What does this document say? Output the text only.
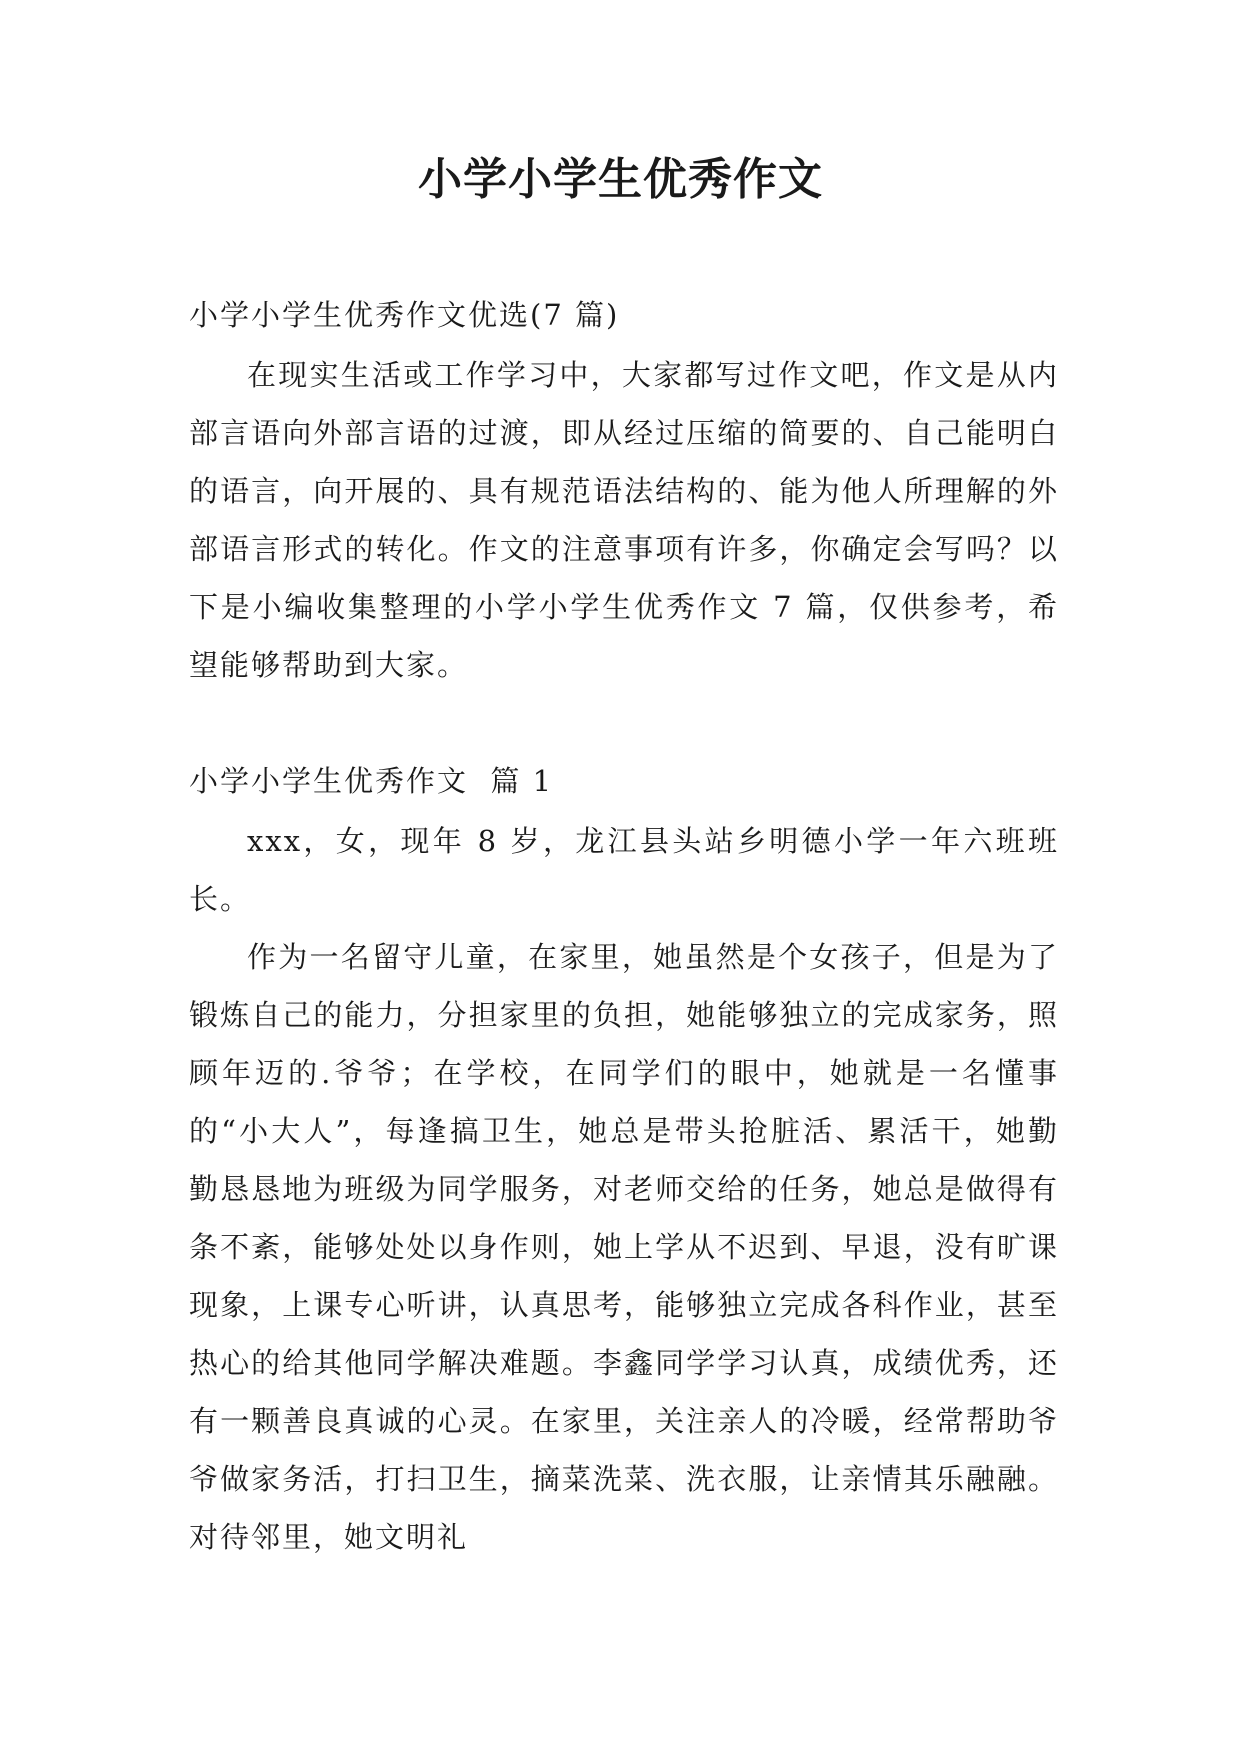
小学小学生优秀作文

小学小学生优秀作文优选(7 篇)

在现实生活或工作学习中，大家都写过作文吧，作文是从内部言语向外部言语的过渡，即从经过压缩的简要的、自己能明白的语言，向开展的、具有规范语法结构的、能为他人所理解的外部语言形式的转化。作文的注意事项有许多，你确定会写吗？以下是小编收集整理的小学小学生优秀作文 7 篇，仅供参考，希望能够帮助到大家。

小学小学生优秀作文  篇 1

xxx，女，现年 8 岁，龙江县头站乡明德小学一年六班班长。

作为一名留守儿童，在家里，她虽然是个女孩子，但是为了锻炼自己的能力，分担家里的负担，她能够独立的完成家务，照顾年迈的.爷爷；在学校，在同学们的眼中，她就是一名懂事的“小大人”，每逢搞卫生，她总是带头抢脏活、累活干，她勤勤恳恳地为班级为同学服务，对老师交给的任务，她总是做得有条不紊，能够处处以身作则，她上学从不迟到、早退，没有旷课现象，上课专心听讲，认真思考，能够独立完成各科作业，甚至热心的给其他同学解决难题。李鑫同学学习认真，成绩优秀，还有一颗善良真诚的心灵。在家里，关注亲人的冷暖，经常帮助爷爷做家务活，打扫卫生，摘菜洗菜、洗衣服，让亲情其乐融融。对待邻里，她文明礼
